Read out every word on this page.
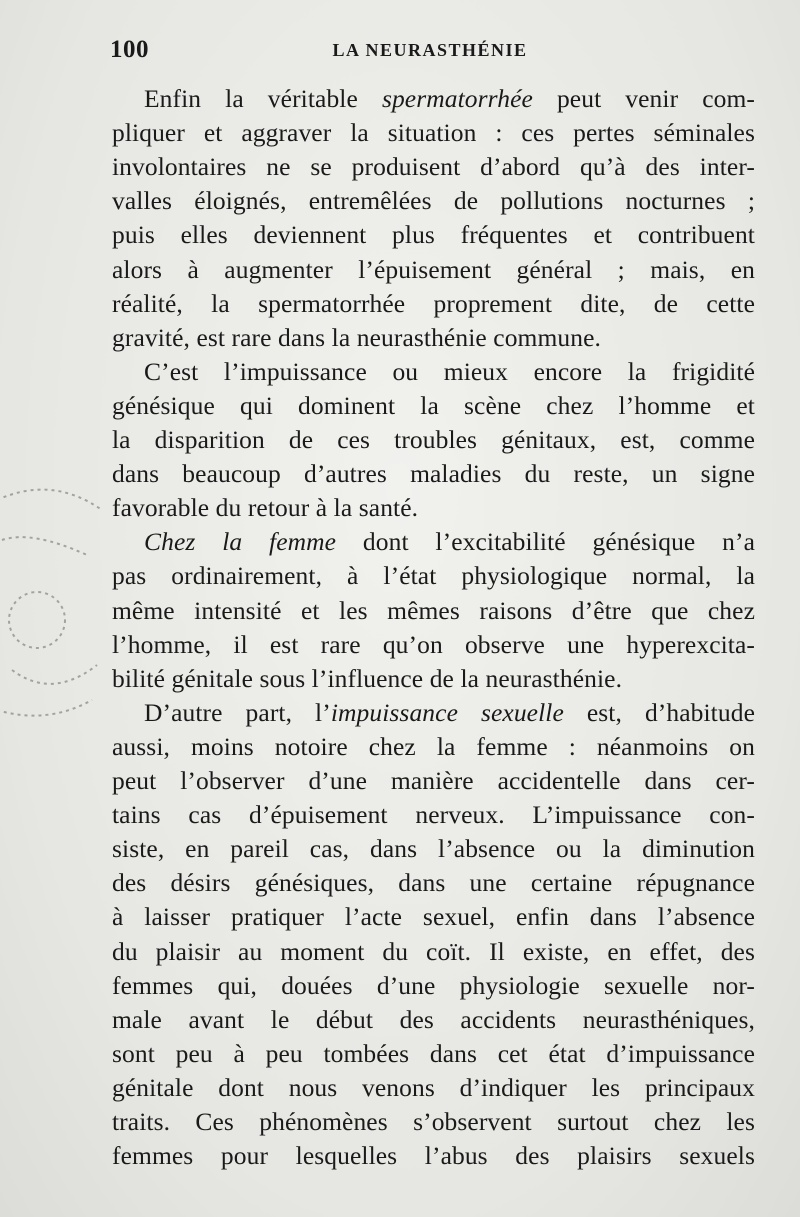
100	LA NEURASTHÉNIE
Enfin la véritable spermatorrhée peut venir com-
pliquer et aggraver la situation : ces pertes séminales
involontaires ne se produisent d’abord qu’à des inter-
valles éloignés, entremêlées de pollutions nocturnes ;
puis elles deviennent plus fréquentes et contribuent
alors à augmenter l’épuisement général ; mais, en
réalité, la spermatorrhée proprement dite, de cette
gravité, est rare dans la neurasthénie commune.
C’est l’impuissance ou mieux encore la frigidité
génésique qui dominent la scène chez l’homme et
la disparition de ces troubles génitaux, est, comme
dans beaucoup d’autres maladies du reste, un signe
favorable du retour à la santé.
Chez la femme dont l’excitabilité génésique n’a
pas ordinairement, à l’état physiologique normal, la
même intensité et les mêmes raisons d’être que chez
l’homme, il est rare qu’on observe une hyperexcita-
bilité génitale sous l’influence de la neurasthénie.
D’autre part, l’impuissance sexuelle est, d’habitude
aussi, moins notoire chez la femme : néanmoins on
peut l’observer d’une manière accidentelle dans cer-
tains cas d’épuisement nerveux. L’impuissance con-
siste, en pareil cas, dans l’absence ou la diminution
des désirs génésiques, dans une certaine répugnance
à laisser pratiquer l’acte sexuel, enfin dans l’absence
du plaisir au moment du coït. Il existe, en effet, des
femmes qui, douées d’une physiologie sexuelle nor-
male avant le début des accidents neurasthéniques,
sont peu à peu tombées dans cet état d’impuissance
génitale dont nous venons d’indiquer les principaux
traits. Ces phénomènes s’observent surtout chez les
femmes pour lesquelles l’abus des plaisirs sexuels
